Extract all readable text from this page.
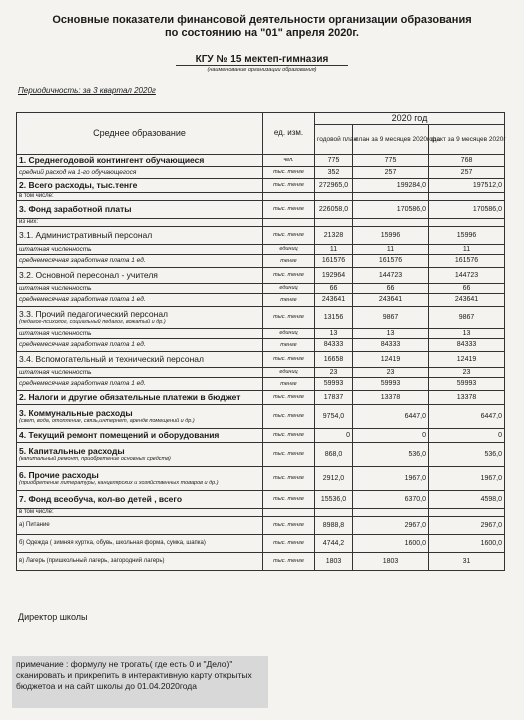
Основные показатели финансовой деятельности организации образования
по состоянию на "01" апреля 2020г.
КГУ № 15 мектеп-гимназия
(наименование организации образования)
Периодичность: за 3 квартал 2020г
Среднее образование	ед. изм.	2020 год		
		годовой план	план за 9 месяцев 2020года	факт за 9 месяцев 2020г
1. Среднегодовой контингент обучающиеся	чел.	775	775	768
средний расход на 1-го обучающегося	тыс. тенге	352	257	257
2. Всего расходы, тыс.тенге	тыс. тенге	272965,0	199284,0	197512,0
в том числе:				
3. Фонд заработной платы	тыс. тенге	226058,0	170586,0	170586,0
из них:				
3.1. Административный персонал	тыс. тенге	21328	15996	15996
штатная численность	единиц	11	11	11
среднемесячная заработная плата 1 ед.	тенге	161576	161576	161576
3.2. Основной пересонал - учителя	тыс. тенге	192964	144723	144723
штатная численность	единиц	66	66	66
среднемесячная заработная плата 1 ед.	тенге	243641	243641	243641
3.3. Прочий педагогический персонал
(педагог-психолог, социальный педагог, вожатый и др.)	тыс. тенге	13156	9867	9867
штатная численность	единиц	13	13	13
среднемесячная заработная плата 1 ед.	тенге	84333	84333	84333
3.4. Вспомогательный и технический персонал	тыс. тенге	16658	12419	12419
штатная численность	единиц	23	23	23
среднемесячная заработная плата 1 ед.	тенге	59993	59993	59993
2. Налоги и другие обязательные платежи в бюджет	тыс. тенге	17837	13378	13378
3. Коммунальные расходы
(свет, вода, отопление, связь,интернет, арендв помещений и др.)	тыс. тенге	9754,0	6447,0	6447,0
4. Текущий ремонт помещений и оборудования	тыс. тенге	0	0	0
5. Капитальные расходы
(капитальный ремонт, приобретение основных средств)	тыс. тенге	868,0	536,0	536,0
6. Прочие расходы
(приобретение литературы, канцелярских и хозяйственных товаров и др.)	тыс. тенге	2912,0	1967,0	1967,0
7. Фонд всеобуча, кол-во детей , всего	тыс. тенге	15536,0	6370,0	4598,0
в том числе:				
а) Питание	тыс. тенге	8988,8	2967,0	2967,0
б) Одежда ( зимняя куртка, обувь, школьная форма, сумка, шапка)	тыс. тенге	4744,2	1600,0	1600,0
в) Лагерь (пришкольный лагерь, загородний лагерь)	тыс. тенге	1803	1803	31
Директор школы
примечание : формулу не трогать( где есть 0 и "Дело)"
сканировать и прикрепить в интерактивную карту открытых
бюджетоа и на сайт школы до 01.04.2020года
